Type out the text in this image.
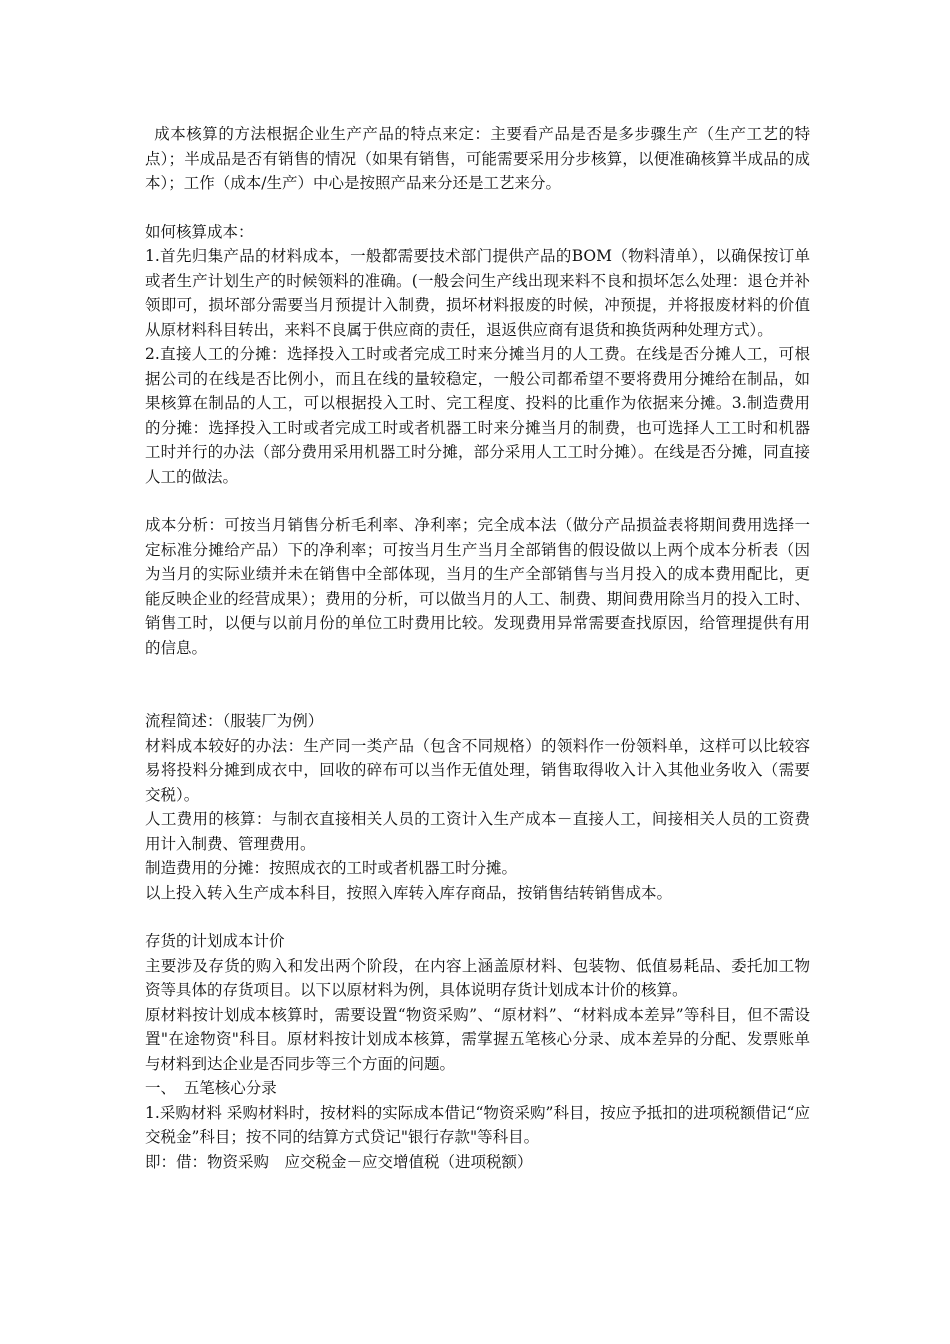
成本核算的方法根据企业生产产品的特点来定：主要看产品是否是多步骤生产（生产工艺的特点）；半成品是否有销售的情况（如果有销售，可能需要采用分步核算，以便准确核算半成品的成本）；工作（成本/生产）中心是按照产品来分还是工艺来分。

如何核算成本：

1.首先归集产品的材料成本，一般都需要技术部门提供产品的BOM（物料清单），以确保按订单或者生产计划生产的时候领料的准确。(一般会问生产线出现来料不良和损坏怎么处理：退仓并补领即可，损坏部分需要当月预提计入制费，损坏材料报废的时候，冲预提，并将报废材料的价值从原材料科目转出，来料不良属于供应商的责任，退返供应商有退货和换货两种处理方式）。

2.直接人工的分摊：选择投入工时或者完成工时来分摊当月的人工费。在线是否分摊人工，可根据公司的在线是否比例小，而且在线的量较稳定，一般公司都希望不要将费用分摊给在制品，如果核算在制品的人工，可以根据投入工时、完工程度、投料的比重作为依据来分摊。3.制造费用的分摊：选择投入工时或者完成工时或者机器工时来分摊当月的制费，也可选择人工工时和机器工时并行的办法（部分费用采用机器工时分摊，部分采用人工工时分摊）。在线是否分摊，同直接人工的做法。

成本分析：可按当月销售分析毛利率、净利率；完全成本法（做分产品损益表将期间费用选择一定标准分摊给产品）下的净利率；可按当月生产当月全部销售的假设做以上两个成本分析表（因为当月的实际业绩并未在销售中全部体现，当月的生产全部销售与当月投入的成本费用配比，更能反映企业的经营成果）；费用的分析，可以做当月的人工、制费、期间费用除当月的投入工时、销售工时，以便与以前月份的单位工时费用比较。发现费用异常需要查找原因，给管理提供有用的信息。

流程简述：（服装厂为例）

材料成本较好的办法：生产同一类产品（包含不同规格）的领料作一份领料单，这样可以比较容易将投料分摊到成衣中，回收的碎布可以当作无值处理，销售取得收入计入其他业务收入（需要交税）。

人工费用的核算：与制衣直接相关人员的工资计入生产成本－直接人工，间接相关人员的工资费用计入制费、管理费用。

制造费用的分摊：按照成衣的工时或者机器工时分摊。

以上投入转入生产成本科目，按照入库转入库存商品，按销售结转销售成本。

存货的计划成本计价

主要涉及存货的购入和发出两个阶段，在内容上涵盖原材料、包装物、低值易耗品、委托加工物资等具体的存货项目。以下以原材料为例，具体说明存货计划成本计价的核算。

原材料按计划成本核算时，需要设置“物资采购”、“原材料”、“材料成本差异”等科目，但不需设置"在途物资"科目。原材料按计划成本核算，需掌握五笔核心分录、成本差异的分配、发票账单与材料到达企业是否同步等三个方面的问题。

一、　五笔核心分录

1.采购材料 采购材料时，按材料的实际成本借记“物资采购”科目，按应予抵扣的进项税额借记“应交税金”科目；按不同的结算方式贷记"银行存款"等科目。

即：借：物资采购　应交税金－应交增值税（进项税额）
